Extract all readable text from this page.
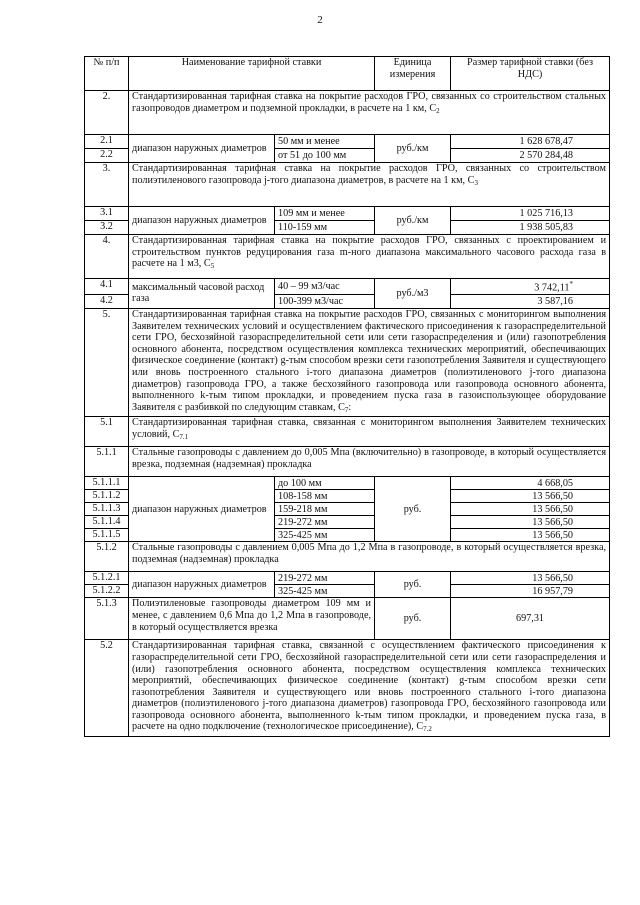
2
№ п/п	Наименование тарифной ставки		Единица измерения	Размер тарифной ставки (без НДС)
2.	Стандартизированная тарифная ставка на покрытие расходов ГРО, связанных со строительством стальных газопроводов диаметром и подземной прокладки, в расчете на 1 км, $С_2$
2.1	диапазон наружных диаметров	50 мм и менее	руб./км	1 628 678,47
2.2		от 51 до 100 мм		2 570 284,48
3.	Стандартизированная тарифная ставка на покрытие расходов ГРО, связанных со строительством полиэтиленового газопровода j-того диапазона диаметров, в расчете на 1 км, $С_3$
3.1	диапазон наружных диаметров	109 мм и менее	руб./км	1 025 716,13
3.2		110-159 мм		1 938 505,83
4.	Стандартизированная тарифная ставка на покрытие расходов ГРО, связанных с проектированием и строительством пунктов редуцирования газа m-ного диапазона максимального часового расхода газа в расчете на 1 м3, $С_5$
4.1	максимальный часовой расход газа	40 – 99 м3/час	руб./м3	3 742,11*
4.2		100-399 м3/час		3 587,16
5.	Стандартизированная тарифная ставка на покрытие расходов ГРО, связанных с мониторингом выполнения Заявителем технических условий и осуществлением фактического присоединения к газораспределительной сети ГРО, бесхозяйной газораспределительной сети или сети газораспределения и (или) газопотребления основного абонента, посредством осуществления комплекса технических мероприятий, обеспечивающих физическое соединение (контакт) g-тым способом врезки сети газопотребления Заявителя и существующего или вновь построенного стального i-того диапазона диаметров (полиэтиленового j-того диапазона диаметров) газопровода ГРО, а также бесхозяйного газопровода или газопровода основного абонента, выполненного k-тым типом прокладки, и проведением пуска газа в газоиспользующее оборудование Заявителя с разбивкой по следующим ставкам, $С_7$:			
5.1	Стандартизированная тарифная ставка, связанная с мониторингом выполнения Заявителем технических условий, $С_{7.1}$
5.1.1	Стальные газопроводы с давлением до 0,005 Мпа (включительно) в газопроводе, в который осуществляется врезка, подземная (надземная) прокладка			
5.1.1.1	диапазон наружных диаметров	до 100 мм	руб.	4 668,05
5.1.1.2		108-158 мм		13 566,50
5.1.1.3		159-218 мм		13 566,50
5.1.1.4		219-272 мм		13 566,50
5.1.1.5		325-425 мм		13 566,50
5.1.2	Стальные газопроводы с давлением 0,005 Мпа до 1,2 Мпа в газопроводе, в который осуществляется врезка, подземная (надземная) прокладка			
5.1.2.1	диапазон наружных диаметров	219-272 мм	руб.	13 566,50
5.1.2.2		325-425 мм		16 957,79
5.1.3	Полиэтиленовые газопроводы диаметром 109 мм и менее, с давлением 0,6 Мпа до 1,2 Мпа в газопроводе, в который осуществляется врезка		руб.	697,31
5.2	Стандартизированная тарифная ставка, связанной с осуществлением фактического присоединения к газораспределительной сети ГРО, бесхозяйной газораспределительной сети или сети газораспределения и (или) газопотребления основного абонента, посредством осуществления комплекса технических мероприятий, обеспечивающих физическое соединение (контакт) g-тым способом врезки сети газопотребления Заявителя и существующего или вновь построенного стального i-того диапазона диаметров (полиэтиленового j-того диапазона диаметров) газопровода ГРО, бесхозяйного газопровода или газопровода основного абонента, выполненного k-тым типом прокладки, и проведением пуска газа, в расчете на одно подключение (технологическое присоединение), $С_{7.2}$
